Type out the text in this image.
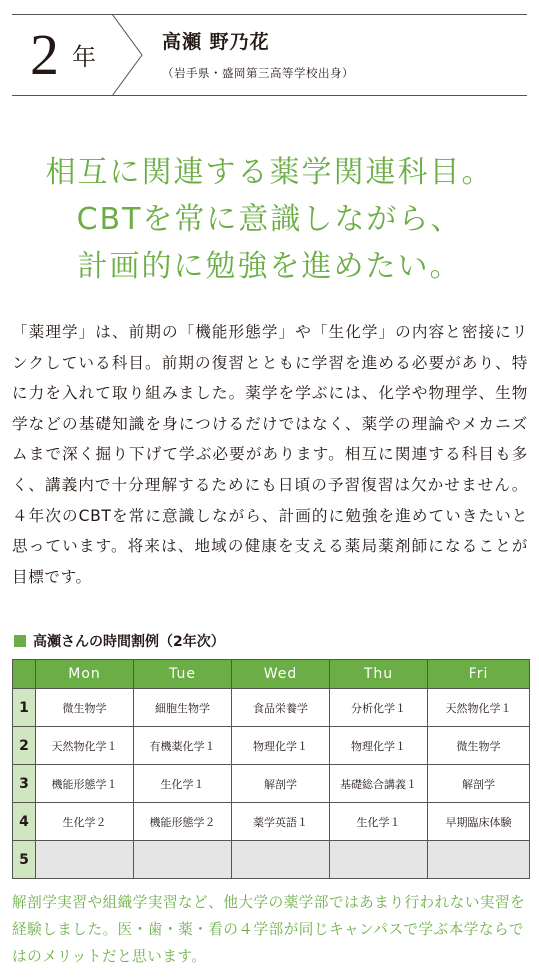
2 年
高瀬 野乃花
（岩手県・盛岡第三高等学校出身）
相互に関連する薬学関連科目。
CBTを常に意識しながら、
計画的に勉強を進めたい。
「薬理学」は、前期の「機能形態学」や「生化学」の内容と密接にリンクしている科目。前期の復習とともに学習を進める必要があり、特に力を入れて取り組みました。薬学を学ぶには、化学や物理学、生物学などの基礎知識を身につけるだけではなく、薬学の理論やメカニズムまで深く掘り下げて学ぶ必要があります。相互に関連する科目も多く、講義内で十分理解するためにも日頃の予習復習は欠かせません。４年次のCBTを常に意識しながら、計画的に勉強を進めていきたいと思っています。将来は、地域の健康を支える薬局薬剤師になることが目標です。
高瀬さんの時間割例（2年次）
	Mon	Tue	Wed	Thu	Fri
1	微生物学	細胞生物学	食品栄養学	分析化学１	天然物化学１
2	天然物化学１	有機薬化学１	物理化学１	物理化学１	微生物学
3	機能形態学１	生化学１	解剖学	基礎総合講義１	解剖学
4	生化学２	機能形態学２	薬学英語１	生化学１	早期臨床体験
5					
解剖学実習や組織学実習など、他大学の薬学部ではあまり行われない実習を経験しました。医・歯・薬・看の４学部が同じキャンパスで学ぶ本学ならではのメリットだと思います。
